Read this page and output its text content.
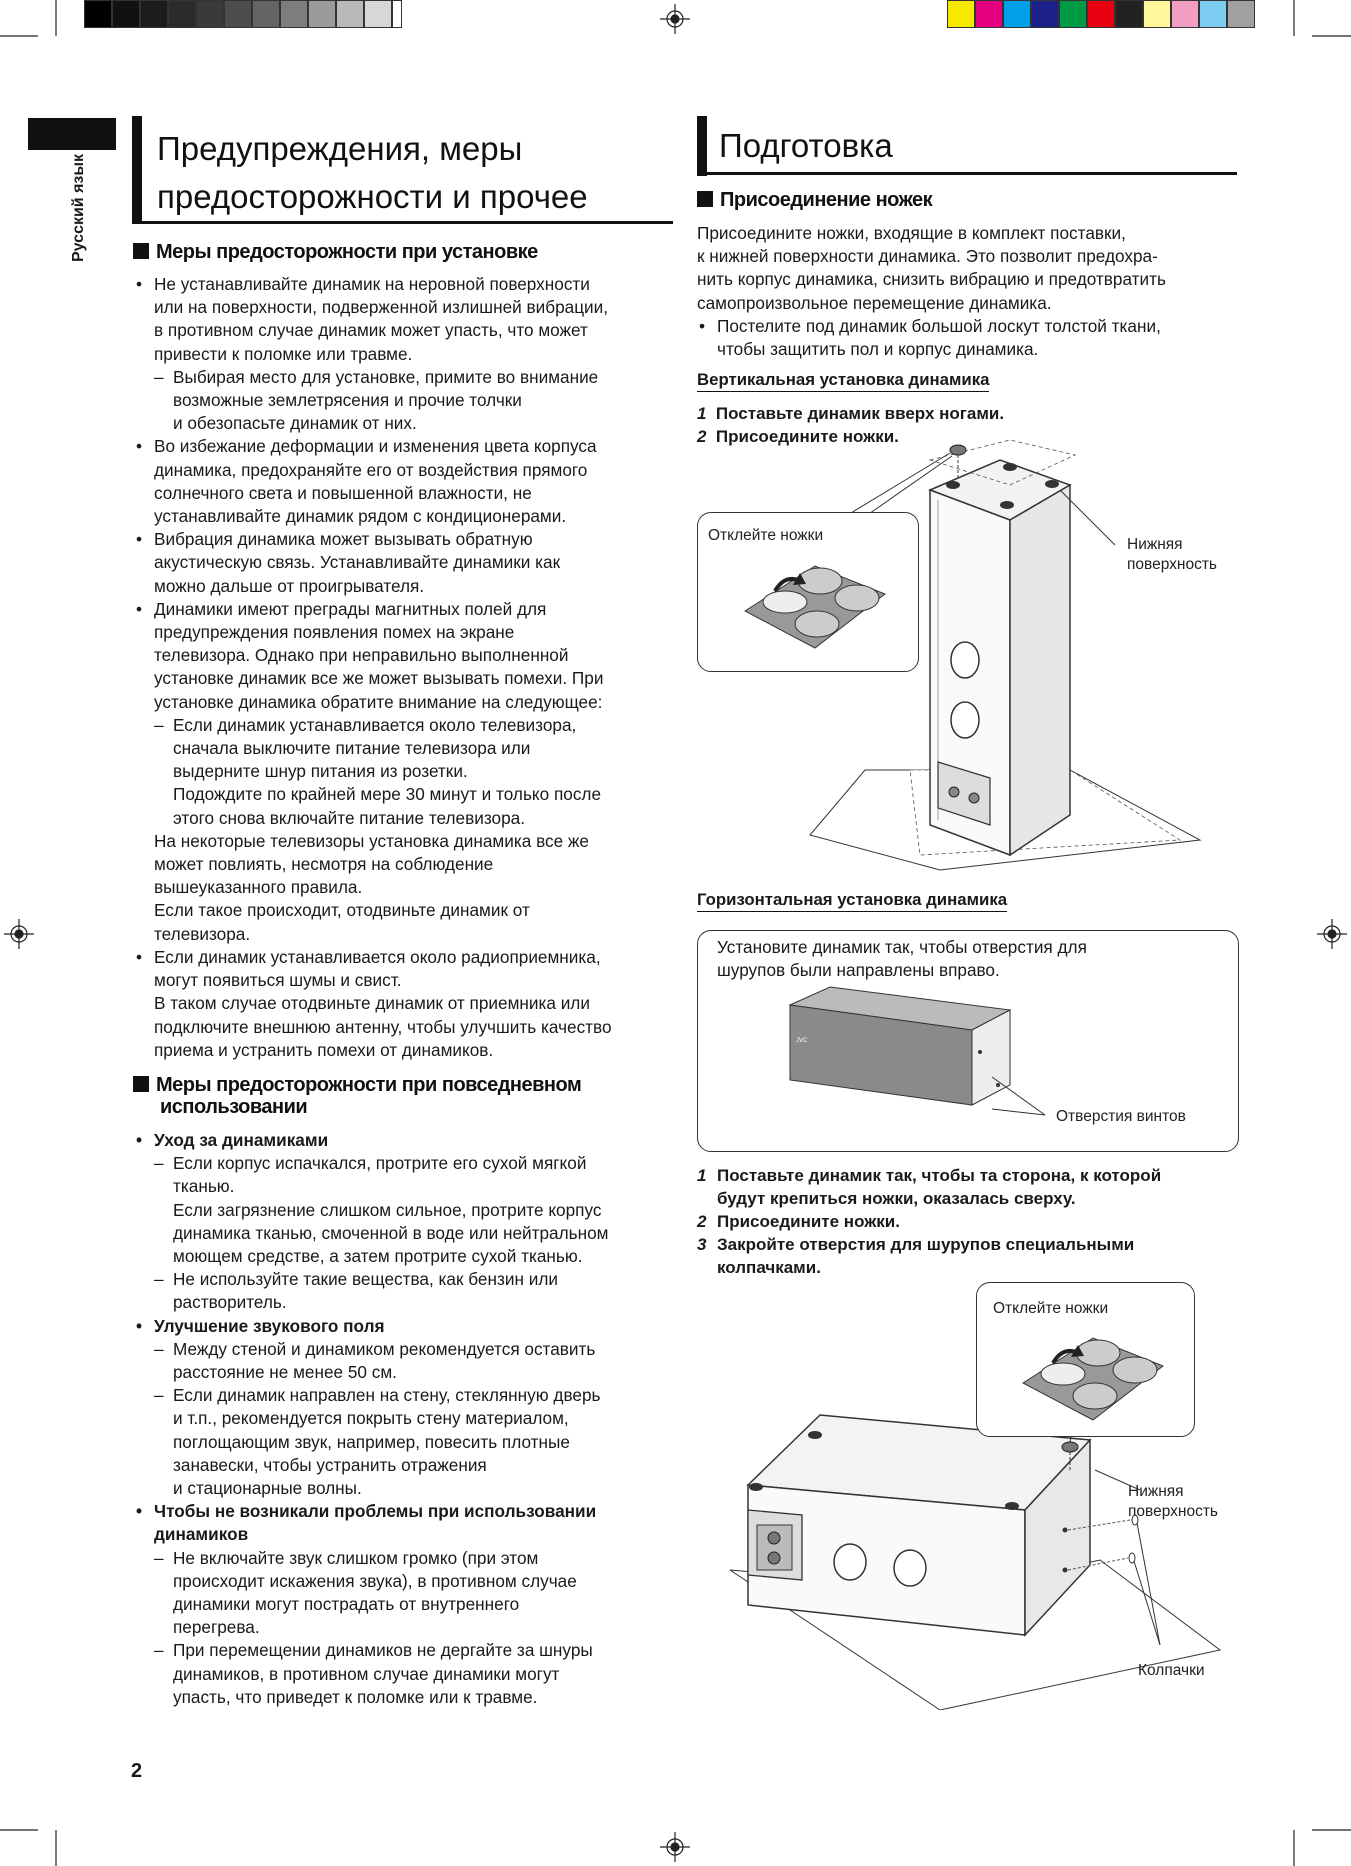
Русский язык
Предупреждения, меры
предосторожности и прочее
Меры предосторожности при установке
• Не устанавливайте динамик на неровной поверхности
или на поверхности, подверженной излишней вибрации,
в противном случае динамик может упасть, что может
привести к поломке или травме.
– Выбирая место для установке, примите во внимание
возможные землетрясения и прочие толчки
и обезопасьте динамик от них.
• Во избежание деформации и изменения цвета корпуса
динамика, предохраняйте его от воздействия прямого
солнечного света и повышенной влажности, не
устанавливайте динамик рядом с кондиционерами.
• Вибрация динамика может вызывать обратную
акустическую связь. Устанавливайте динамики как
можно дальше от проигрывателя.
• Динамики имеют преграды магнитных полей для
предупреждения появления помех на экране
телевизора. Однако при неправильно выполненной
установке динамик все же может вызывать помехи. При
установке динамика обратите внимание на следующее:
– Если динамик устанавливается около телевизора,
сначала выключите питание телевизора или
выдерните шнур питания из розетки.
Подождите по крайней мере 30 минут и только после
этого снова включайте питание телевизора.
На некоторые телевизоры установка динамика все же
может повлиять, несмотря на соблюдение
вышеуказанного правила.
Если такое происходит, отодвиньте динамик от
телевизора.
• Если динамик устанавливается около радиоприемника,
могут появиться шумы и свист.
В таком случае отодвиньте динамик от приемника или
подключите внешнюю антенну, чтобы улучшить качество
приема и устранить помехи от динамиков.
Меры предосторожности при повседневном
использовании
• Уход за динамиками
– Если корпус испачкался, протрите его сухой мягкой
тканью.
Если загрязнение слишком сильное, протрите корпус
динамика тканью, смоченной в воде или нейтральном
моющем средстве, а затем протрите сухой тканью.
– Не используйте такие вещества, как бензин или
растворитель.
• Улучшение звукового поля
– Между стеной и динамиком рекомендуется оставить
расстояние не менее 50 см.
– Если динамик направлен на стену, стеклянную дверь
и т.п., рекомендуется покрыть стену материалом,
поглощающим звук, например, повесить плотные
занавески, чтобы устранить отражения
и стационарные волны.
• Чтобы не возникали проблемы при использовании
динамиков
– Не включайте звук слишком громко (при этом
происходит искажения звука), в противном случае
динамики могут пострадать от внутреннего
перегрева.
– При перемещении динамиков не дергайте за шнуры
динамиков, в противном случае динамики могут
упасть, что приведет к поломке или к травме.
2
Подготовка
Присоединение ножек
Присоедините ножки, входящие в комплект поставки,
к нижней поверхности динамика. Это позволит предохра-
нить корпус динамика, снизить вибрацию и предотвратить
самопроизвольное перемещение динамика.
• Постелите под динамик большой лоскут толстой ткани,
чтобы защитить пол и корпус динамика.
Вертикальная установка динамика
1 Поставьте динамик вверх ногами.
2 Присоедините ножки.
Отклейте ножки
Нижняя
поверхность
Горизонтальная установка динамика
Установите динамик так, чтобы отверстия для
шурупов были направлены вправо.
JVC
Отверстия винтов
1 Поставьте динамик так, чтобы та сторона, к которой
будут крепиться ножки, оказалась сверху.
2 Присоедините ножки.
3 Закройте отверстия для шурупов специальными
колпачками.
Отклейте ножки
Нижняя
поверхность
Колпачки
